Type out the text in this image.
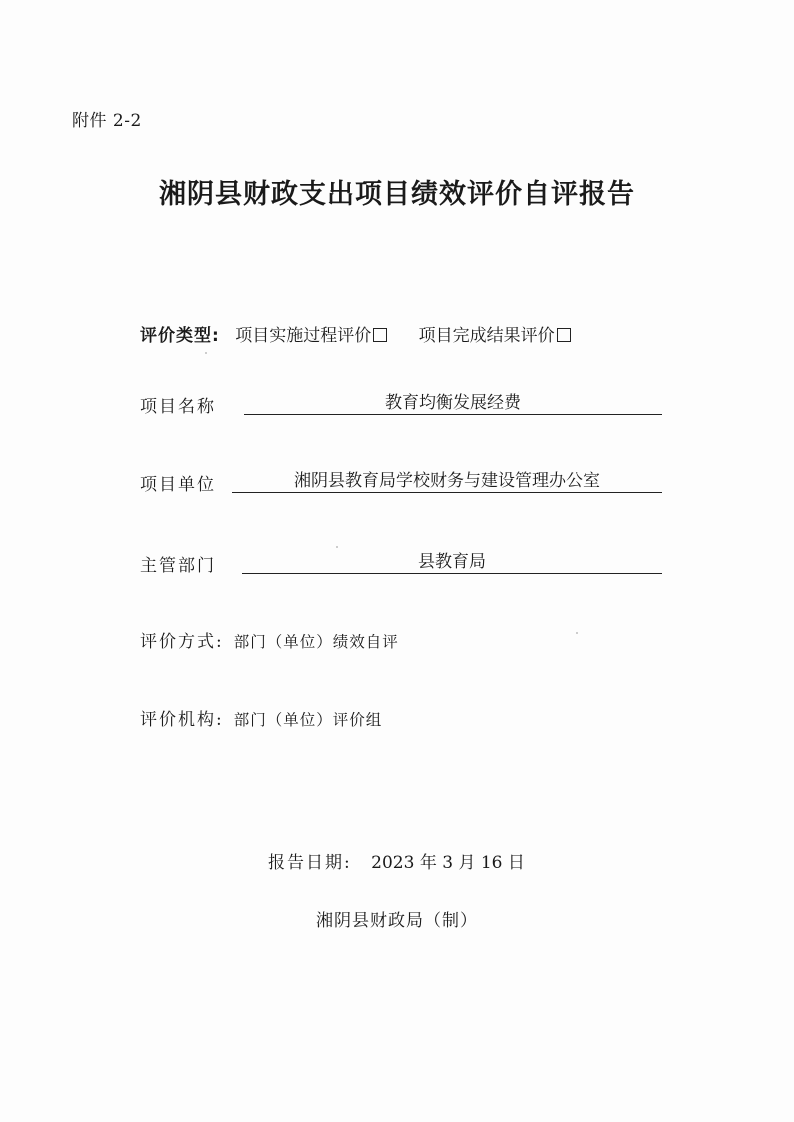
附件 2-2
湘阴县财政支出项目绩效评价自评报告
评价类型: 项目实施过程评价	项目完成结果评价
项目名称	教育均衡发展经费
项目单位	湘阴县教育局学校财务与建设管理办公室
主管部门	县教育局
评价方式: 部门（单位）绩效自评
评价机构: 部门（单位）评价组
报告日期: 2023 年 3 月 16 日
湘阴县财政局（制）
